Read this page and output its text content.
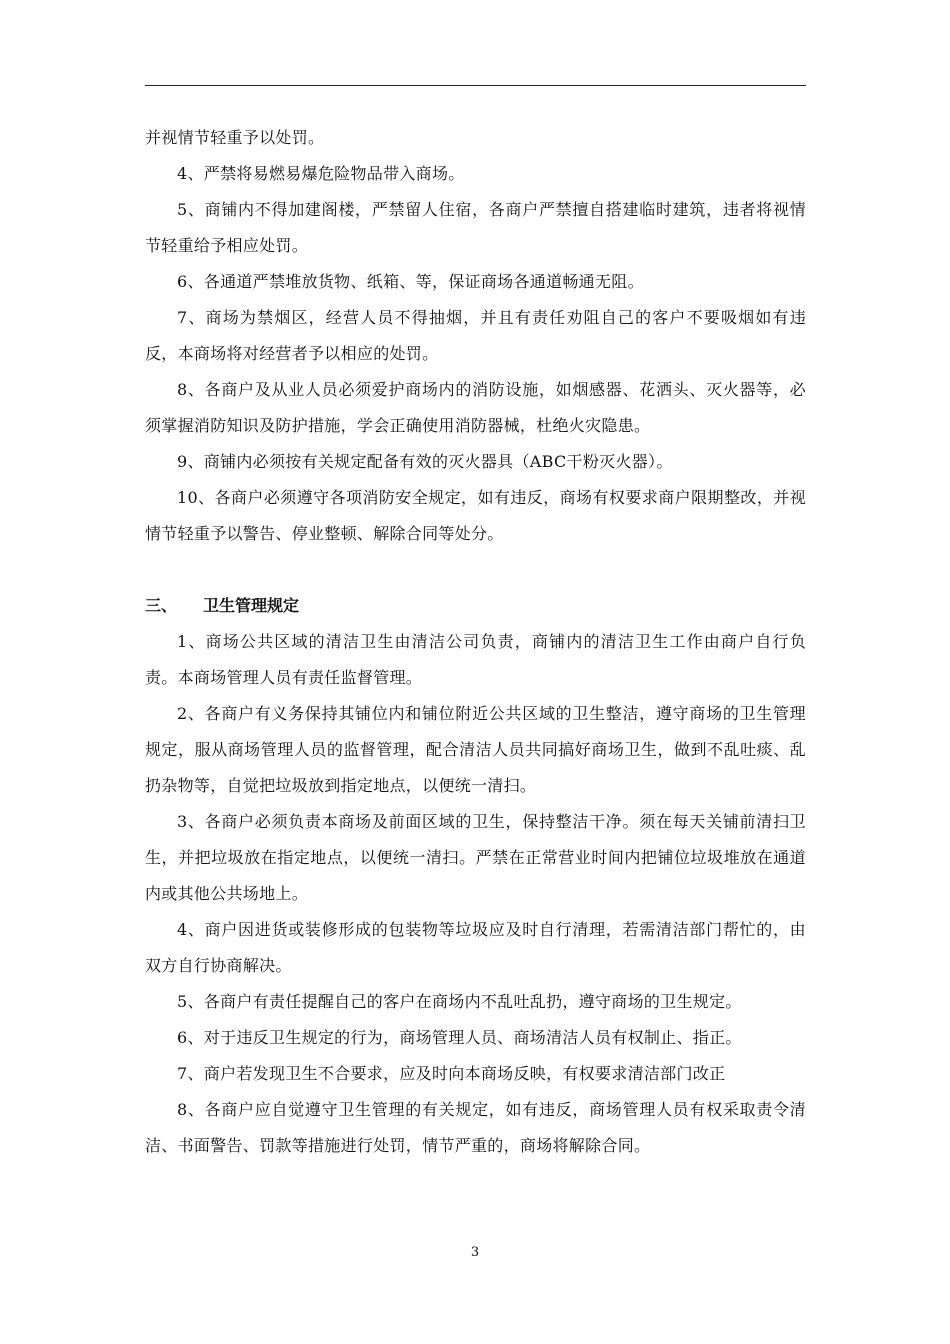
并视情节轻重予以处罚。

4、严禁将易燃易爆危险物品带入商场。

5、商铺内不得加建阁楼，严禁留人住宿，各商户严禁擅自搭建临时建筑，违者将视情节轻重给予相应处罚。

6、各通道严禁堆放货物、纸箱、等，保证商场各通道畅通无阻。

7、商场为禁烟区，经营人员不得抽烟，并且有责任劝阻自己的客户不要吸烟如有违反，本商场将对经营者予以相应的处罚。

8、各商户及从业人员必须爱护商场内的消防设施，如烟感器、花洒头、灭火器等，必须掌握消防知识及防护措施，学会正确使用消防器械，杜绝火灾隐患。

9、商铺内必须按有关规定配备有效的灭火器具（ABC干粉灭火器）。

10、各商户必须遵守各项消防安全规定，如有违反，商场有权要求商户限期整改，并视情节轻重予以警告、停业整顿、解除合同等处分。

三、 卫生管理规定

1、商场公共区域的清洁卫生由清洁公司负责，商铺内的清洁卫生工作由商户自行负责。本商场管理人员有责任监督管理。

2、各商户有义务保持其铺位内和铺位附近公共区域的卫生整洁，遵守商场的卫生管理规定，服从商场管理人员的监督管理，配合清洁人员共同搞好商场卫生，做到不乱吐痰、乱扔杂物等，自觉把垃圾放到指定地点，以便统一清扫。

3、各商户必须负责本商场及前面区域的卫生，保持整洁干净。须在每天关铺前清扫卫生，并把垃圾放在指定地点，以便统一清扫。严禁在正常营业时间内把铺位垃圾堆放在通道内或其他公共场地上。

4、商户因进货或装修形成的包装物等垃圾应及时自行清理，若需清洁部门帮忙的，由双方自行协商解决。

5、各商户有责任提醒自己的客户在商场内不乱吐乱扔，遵守商场的卫生规定。

6、对于违反卫生规定的行为，商场管理人员、商场清洁人员有权制止、指正。

7、商户若发现卫生不合要求，应及时向本商场反映，有权要求清洁部门改正

8、各商户应自觉遵守卫生管理的有关规定，如有违反，商场管理人员有权采取责令清洁、书面警告、罚款等措施进行处罚，情节严重的，商场将解除合同。

3
